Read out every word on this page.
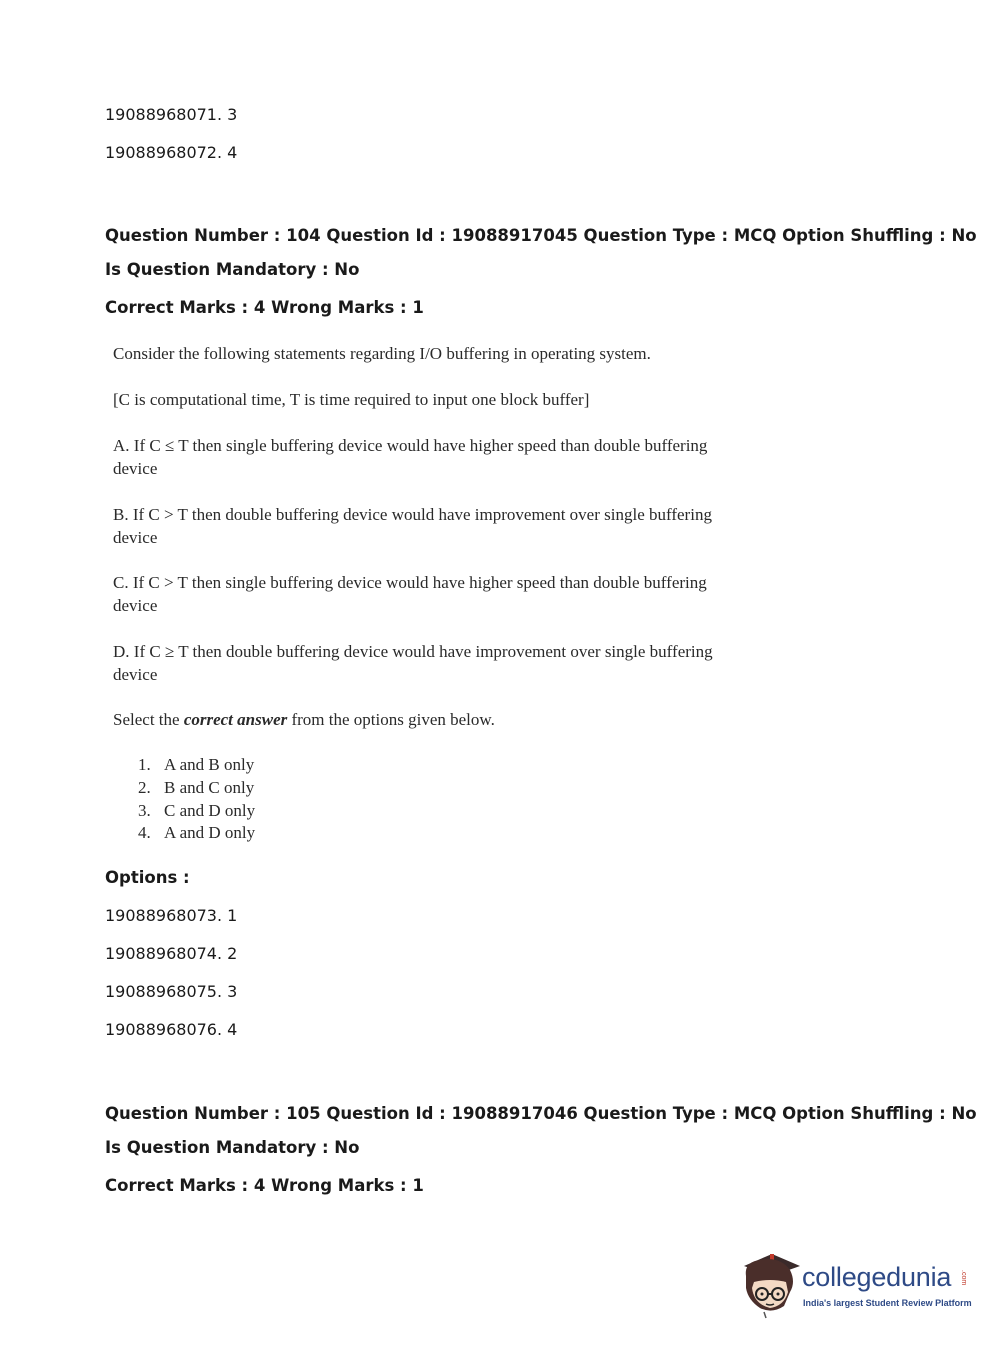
19088968071. 3
19088968072. 4
Question Number : 104 Question Id : 19088917045 Question Type : MCQ Option Shuffling : No
Is Question Mandatory : No
Correct Marks : 4 Wrong Marks : 1
Consider the following statements regarding I/O buffering in operating system.
[C is computational time, T is time required to input one block buffer]
A. If C ≤ T then single buffering device would have higher speed than double buffering
device
B. If C > T then double buffering device would have improvement over single buffering
device
C. If C > T then single buffering device would have higher speed than double buffering
device
D. If C ≥ T then double buffering device would have improvement over single buffering
device
Select the correct answer from the options given below.
1. A and B only
2. B and C only
3. C and D only
4. A and D only
Options :
19088968073. 1
19088968074. 2
19088968075. 3
19088968076. 4
Question Number : 105 Question Id : 19088917046 Question Type : MCQ Option Shuffling : No
Is Question Mandatory : No
Correct Marks : 4 Wrong Marks : 1
collegedunia .com
India's largest Student Review Platform
